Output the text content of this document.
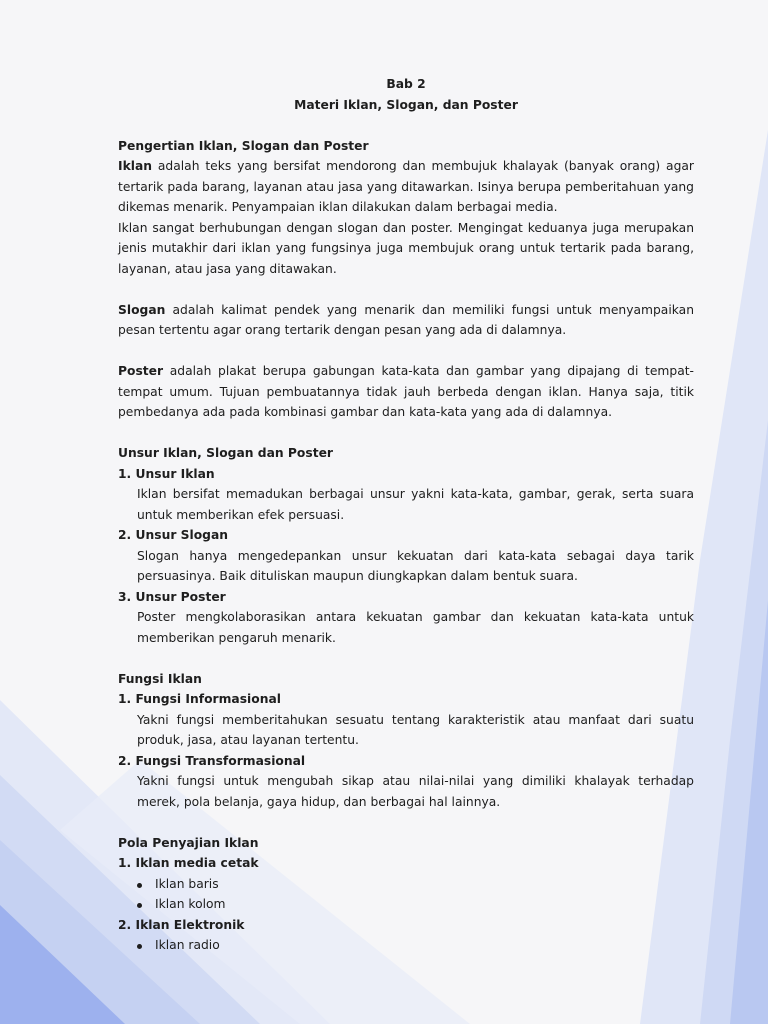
Bab 2
Materi Iklan, Slogan, dan Poster
Pengertian Iklan, Slogan dan Poster
Iklan adalah teks yang bersifat mendorong dan membujuk khalayak (banyak orang) agar tertarik pada barang, layanan atau jasa yang ditawarkan. Isinya berupa pemberitahuan yang dikemas menarik. Penyampaian iklan dilakukan dalam berbagai media.
Iklan sangat berhubungan dengan slogan dan poster. Mengingat keduanya juga merupakan jenis mutakhir dari iklan yang fungsinya juga membujuk orang untuk tertarik pada barang, layanan, atau jasa yang ditawakan.
Slogan adalah kalimat pendek yang menarik dan memiliki fungsi untuk menyampaikan pesan tertentu agar orang tertarik dengan pesan yang ada di dalamnya.
Poster adalah plakat berupa gabungan kata-kata dan gambar yang dipajang di tempat-tempat umum. Tujuan pembuatannya tidak jauh berbeda dengan iklan. Hanya saja, titik pembedanya ada pada kombinasi gambar dan kata-kata yang ada di dalamnya.
Unsur Iklan, Slogan dan Poster
1. Unsur Iklan
Iklan bersifat memadukan berbagai unsur yakni kata-kata, gambar, gerak, serta suara untuk memberikan efek persuasi.
2. Unsur Slogan
Slogan hanya mengedepankan unsur kekuatan dari kata-kata sebagai daya tarik persuasinya. Baik dituliskan maupun diungkapkan dalam bentuk suara.
3. Unsur Poster
Poster mengkolaborasikan antara kekuatan gambar dan kekuatan kata-kata untuk memberikan pengaruh menarik.
Fungsi Iklan
1. Fungsi Informasional
Yakni fungsi memberitahukan sesuatu tentang karakteristik atau manfaat dari suatu produk, jasa, atau layanan tertentu.
2. Fungsi Transformasional
Yakni fungsi untuk mengubah sikap atau nilai-nilai yang dimiliki khalayak terhadap merek, pola belanja, gaya hidup, dan berbagai hal lainnya.
Pola Penyajian Iklan
1. Iklan media cetak
Iklan baris
Iklan kolom
2. Iklan Elektronik
Iklan radio
